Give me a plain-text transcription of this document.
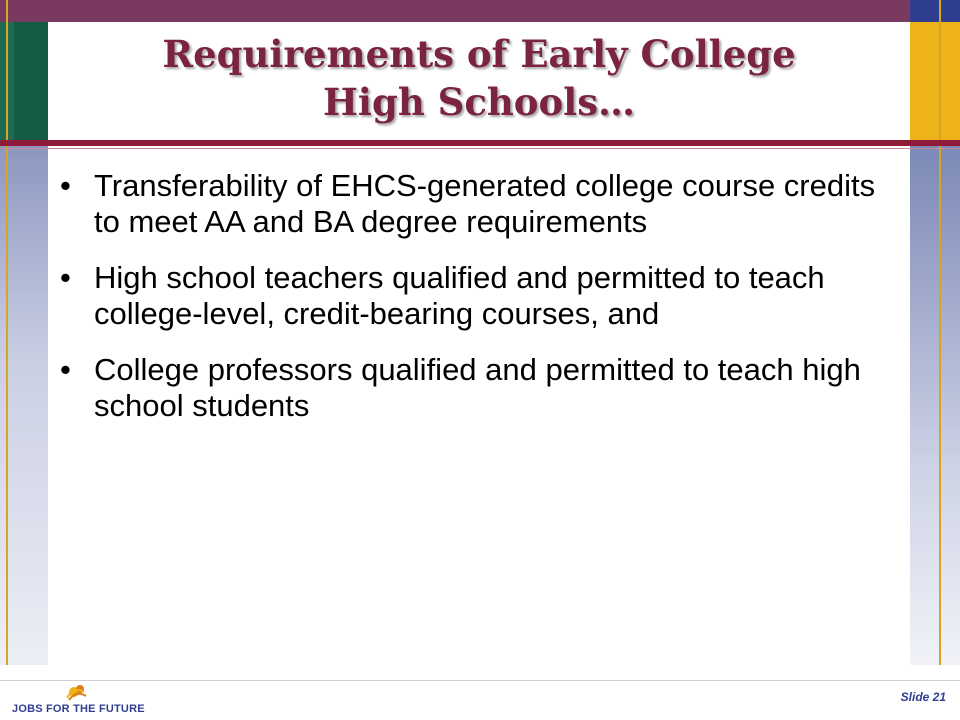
Requirements of Early College
High Schools…
• Transferability of EHCS-generated college course credits to meet AA and BA degree requirements
• High school teachers qualified and permitted to teach college-level, credit-bearing courses, and
• College professors qualified and permitted to teach high school students
JOBS FOR THE FUTURE
Slide 21
